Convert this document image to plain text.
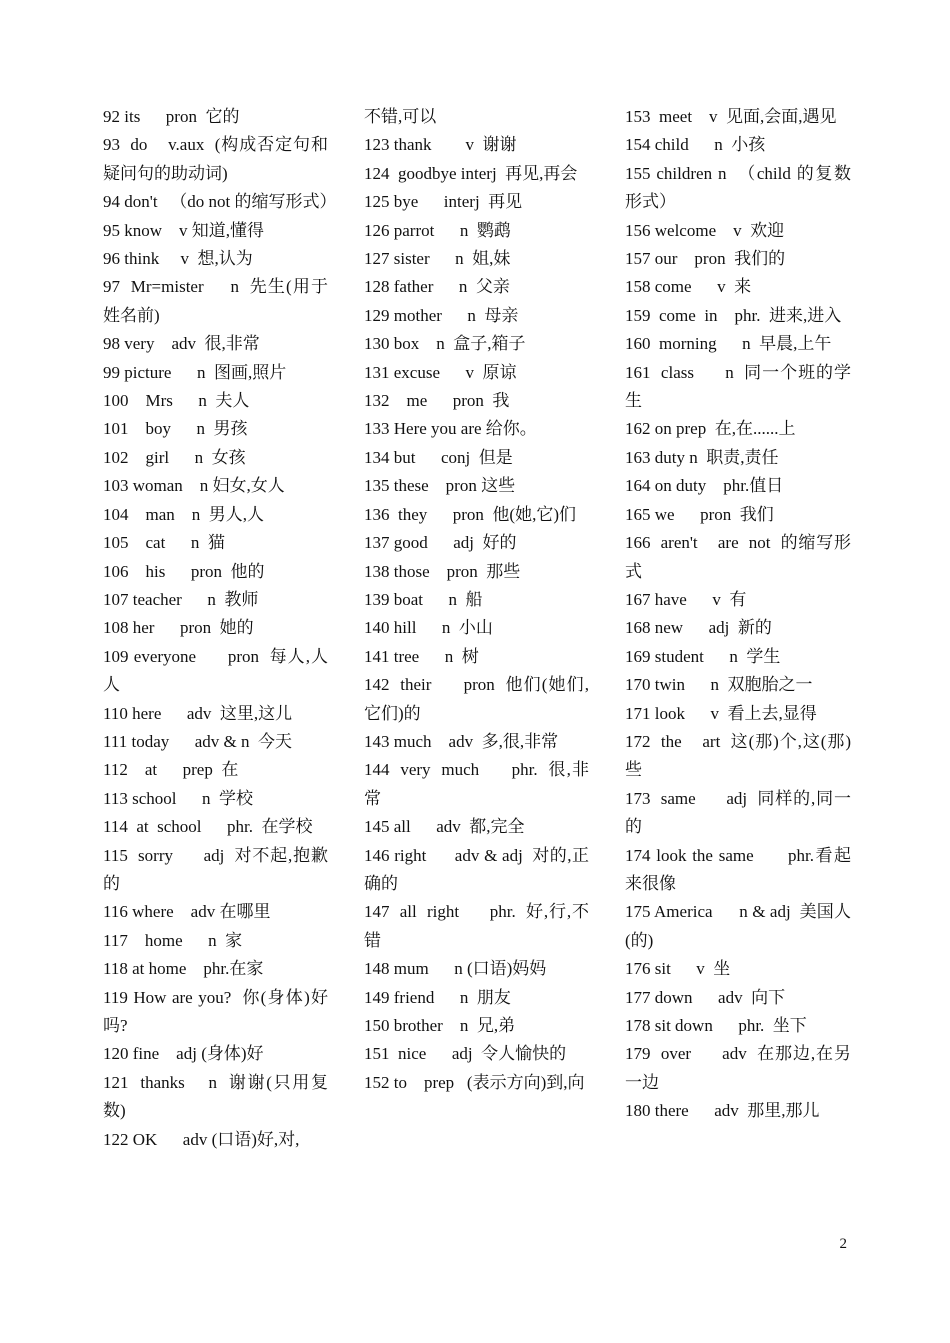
92 its      pron  它的
93  do    v.aux  (构成否定句和疑问句的助动词)
94 don't   （do not 的缩写形式）
95 know    v 知道,懂得
96 think     v  想,认为
97  Mr=mister     n  先生(用于姓名前)
98 very    adv  很,非常
99 picture      n  图画,照片
100    Mrs      n  夫人
101    boy      n  男孩
102    girl      n  女孩
103 woman    n 妇女,女人
104    man    n  男人,人
105    cat      n  猫
106    his      pron  他的
107 teacher      n  教师
108 her      pron  她的
109 everyone      pron  每人,人人
110 here      adv  这里,这儿
111 today      adv & n  今天
112    at      prep  在
113 school      n  学校
114  at  school      phr.  在学校
115  sorry      adj  对不起,抱歉的
116 where    adv 在哪里
117    home      n  家
118 at home    phr.在家
119 How are you?  你(身体)好吗?
120 fine    adj (身体)好
121  thanks    n  谢谢(只用复数)
122 OK      adv (口语)好,对,
不错,可以
123 thank        v  谢谢
124  goodbye interj  再见,再会
125 bye      interj  再见
126 parrot      n  鹦鹉
127 sister      n  姐,妹
128 father      n  父亲
129 mother      n  母亲
130 box    n  盒子,箱子
131 excuse      v  原谅
132    me      pron  我
133 Here you are 给你。
134 but      conj  但是
135 these    pron 这些
136  they      pron  他(她,它)们
137 good      adj  好的
138 those    pron  那些
139 boat      n  船
140 hill      n  小山
141 tree      n  树
142  their      pron  他们(她们,它们)的
143 much    adv  多,很,非常
144  very  much      phr.  很,非常
145 all      adv  都,完全
146 right      adv & adj  对的,正确的
147  all  right      phr.  好,行,不错
148 mum      n (口语)妈妈
149 friend      n  朋友
150 brother    n  兄,弟
151  nice      adj  令人愉快的
152 to    prep   (表示方向)到,向
153  meet    v  见面,会面,遇见
154 child      n  小孩
155 children n  （child 的复数形式）
156 welcome    v  欢迎
157 our    pron  我们的
158 come      v  来
159  come  in    phr.  进来,进入
160  morning      n  早晨,上午
161  class      n  同一个班的学生
162 on prep  在,在......上
163 duty n  职责,责任
164 on duty    phr.值日
165 we      pron  我们
166  aren't    are  not  的缩写形式
167 have      v  有
168 new      adj  新的
169 student      n  学生
170 twin      n  双胞胎之一
171 look      v  看上去,显得
172  the    art  这(那)个,这(那)些
173  same      adj  同样的,同一的
174 look the same      phr.看起来很像
175 America      n & adj  美国人(的)
176 sit      v  坐
177 down      adv  向下
178 sit down      phr.  坐下
179  over      adv  在那边,在另一边
180 there      adv  那里,那儿
2
